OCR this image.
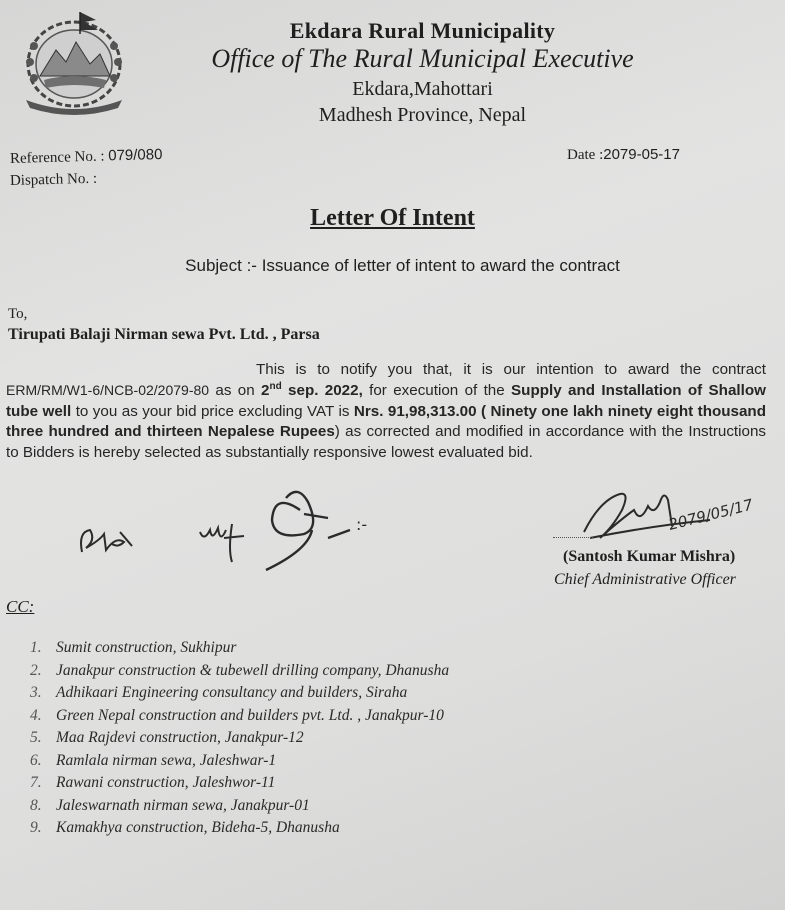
Ekdara Rural Municipality
Office of The Rural Municipal Executive
Ekdara,Mahottari
Madhesh Province, Nepal
Reference No. : 079/080
Dispatch No. :
Date :2079-05-17
Letter Of Intent
Subject :- Issuance of letter of intent to award the contract
To,
Tirupati Balaji Nirman sewa Pvt. Ltd. , Parsa
This is to notify you that, it is our intention to award the contract ERM/RM/W1-6/NCB-02/2079-80 as on 2nd sep. 2022, for execution of the Supply and Installation of Shallow tube well to you as your bid price excluding VAT is Nrs. 91,98,313.00 ( Ninety one lakh ninety eight thousand three hundred and thirteen Nepalese Rupees) as corrected and modified in accordance with the Instructions to Bidders is hereby selected as substantially responsive lowest evaluated bid.
:-	2079/05/17
(Santosh Kumar Mishra)
Chief Administrative Officer
CC:
1. Sumit construction, Sukhipur
2. Janakpur construction & tubewell drilling company, Dhanusha
3. Adhikaari Engineering consultancy and builders, Siraha
4. Green Nepal construction and builders pvt. Ltd. , Janakpur-10
5. Maa Rajdevi construction, Janakpur-12
6. Ramlala nirman sewa, Jaleshwar-1
7. Rawani construction, Jaleshwor-11
8. Jaleswarnath nirman sewa, Janakpur-01
9. Kamakhya construction, Bideha-5, Dhanusha
